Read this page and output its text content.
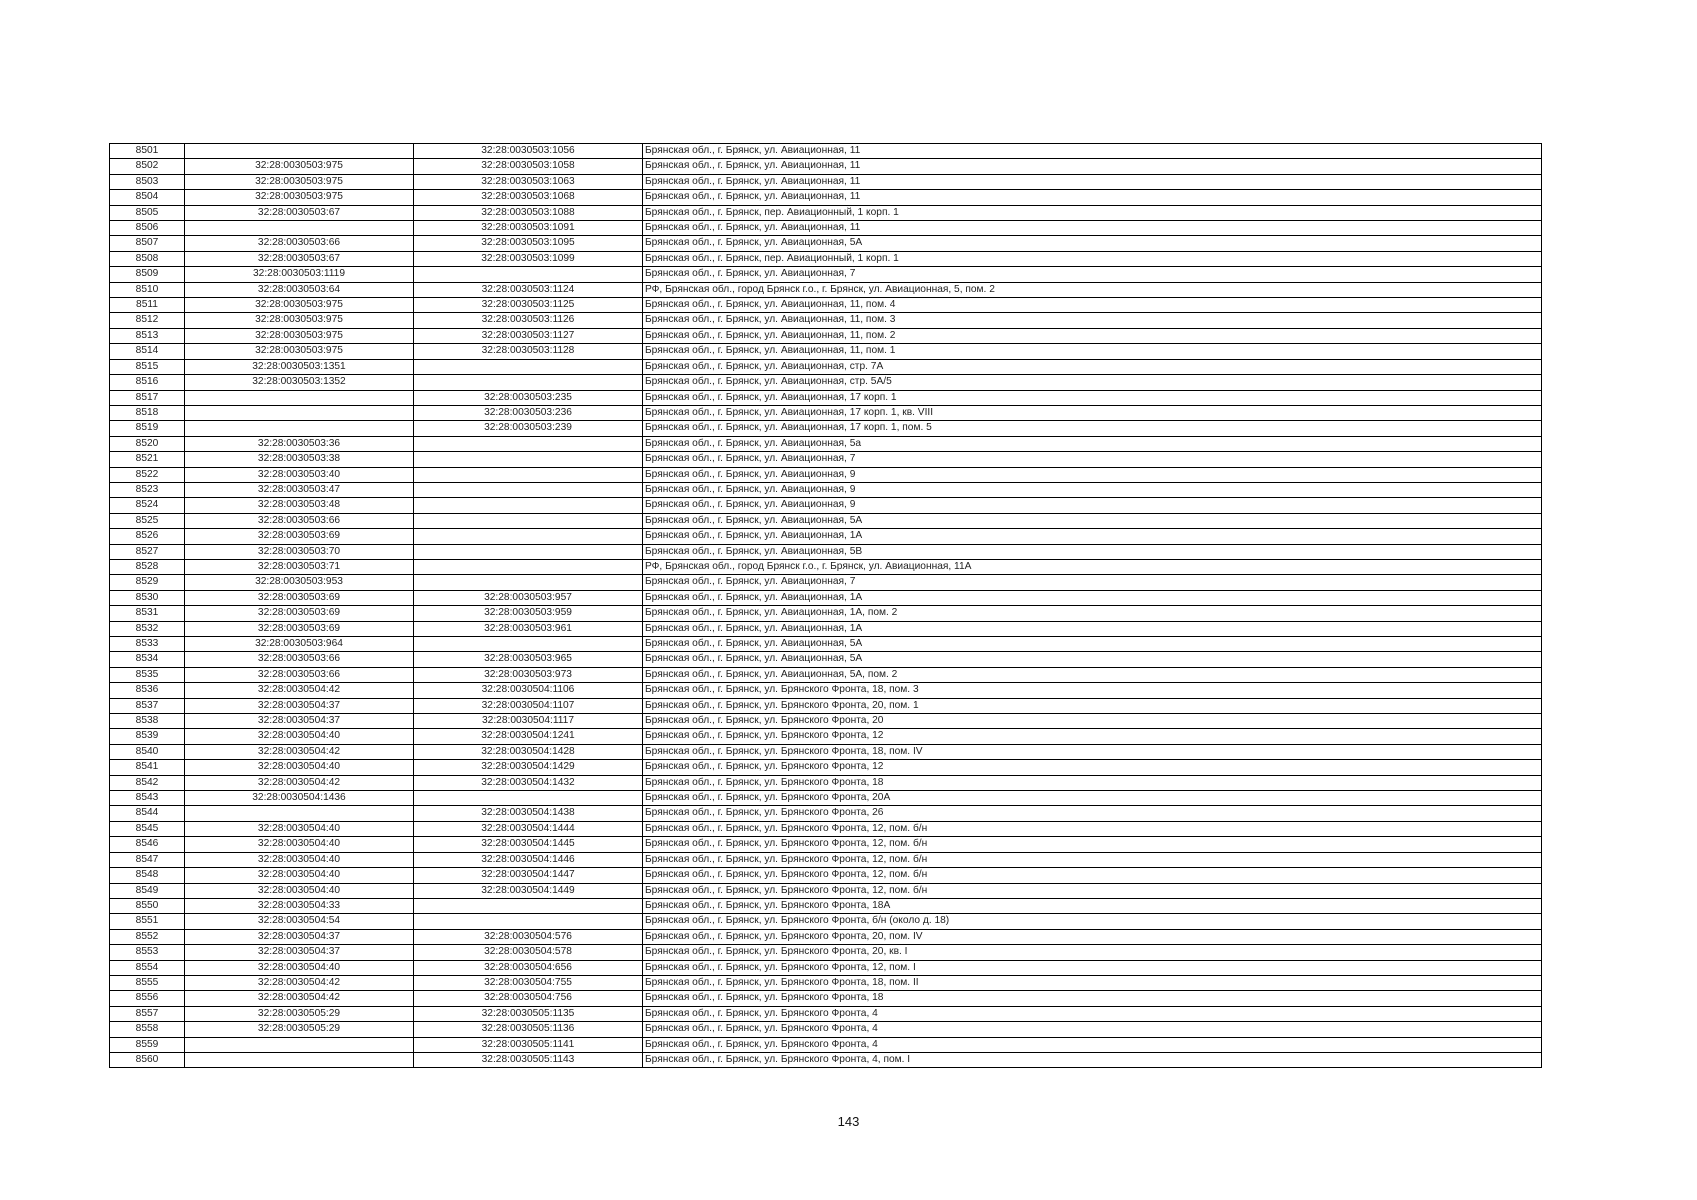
8501		32:28:0030503:1056	Брянская обл., г. Брянск, ул. Авиационная, 11
8502	32:28:0030503:975	32:28:0030503:1058	Брянская обл., г. Брянск, ул. Авиационная, 11
8503	32:28:0030503:975	32:28:0030503:1063	Брянская обл., г. Брянск, ул. Авиационная, 11
8504	32:28:0030503:975	32:28:0030503:1068	Брянская обл., г. Брянск, ул. Авиационная, 11
8505	32:28:0030503:67	32:28:0030503:1088	Брянская обл., г. Брянск, пер. Авиационный, 1 корп. 1
8506		32:28:0030503:1091	Брянская обл., г. Брянск, ул. Авиационная, 11
8507	32:28:0030503:66	32:28:0030503:1095	Брянская обл., г. Брянск, ул. Авиационная, 5А
8508	32:28:0030503:67	32:28:0030503:1099	Брянская обл., г. Брянск, пер. Авиационный, 1 корп. 1
8509	32:28:0030503:1119		Брянская обл., г. Брянск, ул. Авиационная, 7
8510	32:28:0030503:64	32:28:0030503:1124	РФ, Брянская обл., город Брянск г.о., г. Брянск, ул. Авиационная, 5, пом. 2
8511	32:28:0030503:975	32:28:0030503:1125	Брянская обл., г. Брянск, ул. Авиационная, 11, пом. 4
8512	32:28:0030503:975	32:28:0030503:1126	Брянская обл., г. Брянск, ул. Авиационная, 11, пом. 3
8513	32:28:0030503:975	32:28:0030503:1127	Брянская обл., г. Брянск, ул. Авиационная, 11, пом. 2
8514	32:28:0030503:975	32:28:0030503:1128	Брянская обл., г. Брянск, ул. Авиационная, 11, пом. 1
8515	32:28:0030503:1351		Брянская обл., г. Брянск, ул. Авиационная, стр. 7А
8516	32:28:0030503:1352		Брянская обл., г. Брянск, ул. Авиационная, стр. 5А/5
8517		32:28:0030503:235	Брянская обл., г. Брянск, ул. Авиационная, 17 корп. 1
8518		32:28:0030503:236	Брянская обл., г. Брянск, ул. Авиационная, 17 корп. 1, кв. VIII
8519		32:28:0030503:239	Брянская обл., г. Брянск, ул. Авиационная, 17 корп. 1, пом. 5
8520	32:28:0030503:36		Брянская обл., г. Брянск, ул. Авиационная, 5а
8521	32:28:0030503:38		Брянская обл., г. Брянск, ул. Авиационная, 7
8522	32:28:0030503:40		Брянская обл., г. Брянск, ул. Авиационная, 9
8523	32:28:0030503:47		Брянская обл., г. Брянск, ул. Авиационная, 9
8524	32:28:0030503:48		Брянская обл., г. Брянск, ул. Авиационная, 9
8525	32:28:0030503:66		Брянская обл., г. Брянск, ул. Авиационная, 5А
8526	32:28:0030503:69		Брянская обл., г. Брянск, ул. Авиационная, 1А
8527	32:28:0030503:70		Брянская обл., г. Брянск, ул. Авиационная, 5В
8528	32:28:0030503:71		РФ, Брянская обл., город Брянск г.о., г. Брянск, ул. Авиационная, 11А
8529	32:28:0030503:953		Брянская обл., г. Брянск, ул. Авиационная, 7
8530	32:28:0030503:69	32:28:0030503:957	Брянская обл., г. Брянск, ул. Авиационная, 1А
8531	32:28:0030503:69	32:28:0030503:959	Брянская обл., г. Брянск, ул. Авиационная, 1А, пом. 2
8532	32:28:0030503:69	32:28:0030503:961	Брянская обл., г. Брянск, ул. Авиационная, 1А
8533	32:28:0030503:964		Брянская обл., г. Брянск, ул. Авиационная, 5А
8534	32:28:0030503:66	32:28:0030503:965	Брянская обл., г. Брянск, ул. Авиационная, 5А
8535	32:28:0030503:66	32:28:0030503:973	Брянская обл., г. Брянск, ул. Авиационная, 5А, пом. 2
8536	32:28:0030504:42	32:28:0030504:1106	Брянская обл., г. Брянск, ул. Брянского Фронта, 18, пом. 3
8537	32:28:0030504:37	32:28:0030504:1107	Брянская обл., г. Брянск, ул. Брянского Фронта, 20, пом. 1
8538	32:28:0030504:37	32:28:0030504:1117	Брянская обл., г. Брянск, ул. Брянского Фронта, 20
8539	32:28:0030504:40	32:28:0030504:1241	Брянская обл., г. Брянск, ул. Брянского Фронта, 12
8540	32:28:0030504:42	32:28:0030504:1428	Брянская обл., г. Брянск, ул. Брянского Фронта, 18, пом. IV
8541	32:28:0030504:40	32:28:0030504:1429	Брянская обл., г. Брянск, ул. Брянского Фронта, 12
8542	32:28:0030504:42	32:28:0030504:1432	Брянская обл., г. Брянск, ул. Брянского Фронта, 18
8543	32:28:0030504:1436		Брянская обл., г. Брянск, ул. Брянского Фронта, 20А
8544		32:28:0030504:1438	Брянская обл., г. Брянск, ул. Брянского Фронта, 26
8545	32:28:0030504:40	32:28:0030504:1444	Брянская обл., г. Брянск, ул. Брянского Фронта, 12, пом. б/н
8546	32:28:0030504:40	32:28:0030504:1445	Брянская обл., г. Брянск, ул. Брянского Фронта, 12, пом. б/н
8547	32:28:0030504:40	32:28:0030504:1446	Брянская обл., г. Брянск, ул. Брянского Фронта, 12, пом. б/н
8548	32:28:0030504:40	32:28:0030504:1447	Брянская обл., г. Брянск, ул. Брянского Фронта, 12, пом. б/н
8549	32:28:0030504:40	32:28:0030504:1449	Брянская обл., г. Брянск, ул. Брянского Фронта, 12, пом. б/н
8550	32:28:0030504:33		Брянская обл., г. Брянск, ул. Брянского Фронта, 18А
8551	32:28:0030504:54		Брянская обл., г. Брянск, ул. Брянского Фронта, б/н (около д. 18)
8552	32:28:0030504:37	32:28:0030504:576	Брянская обл., г. Брянск, ул. Брянского Фронта, 20, пом. IV
8553	32:28:0030504:37	32:28:0030504:578	Брянская обл., г. Брянск, ул. Брянского Фронта, 20, кв. I
8554	32:28:0030504:40	32:28:0030504:656	Брянская обл., г. Брянск, ул. Брянского Фронта, 12, пом. I
8555	32:28:0030504:42	32:28:0030504:755	Брянская обл., г. Брянск, ул. Брянского Фронта, 18, пом. II
8556	32:28:0030504:42	32:28:0030504:756	Брянская обл., г. Брянск, ул. Брянского Фронта, 18
8557	32:28:0030505:29	32:28:0030505:1135	Брянская обл., г. Брянск, ул. Брянского Фронта, 4
8558	32:28:0030505:29	32:28:0030505:1136	Брянская обл., г. Брянск, ул. Брянского Фронта, 4
8559		32:28:0030505:1141	Брянская обл., г. Брянск, ул. Брянского Фронта, 4
8560		32:28:0030505:1143	Брянская обл., г. Брянск, ул. Брянского Фронта, 4, пом. I
143
